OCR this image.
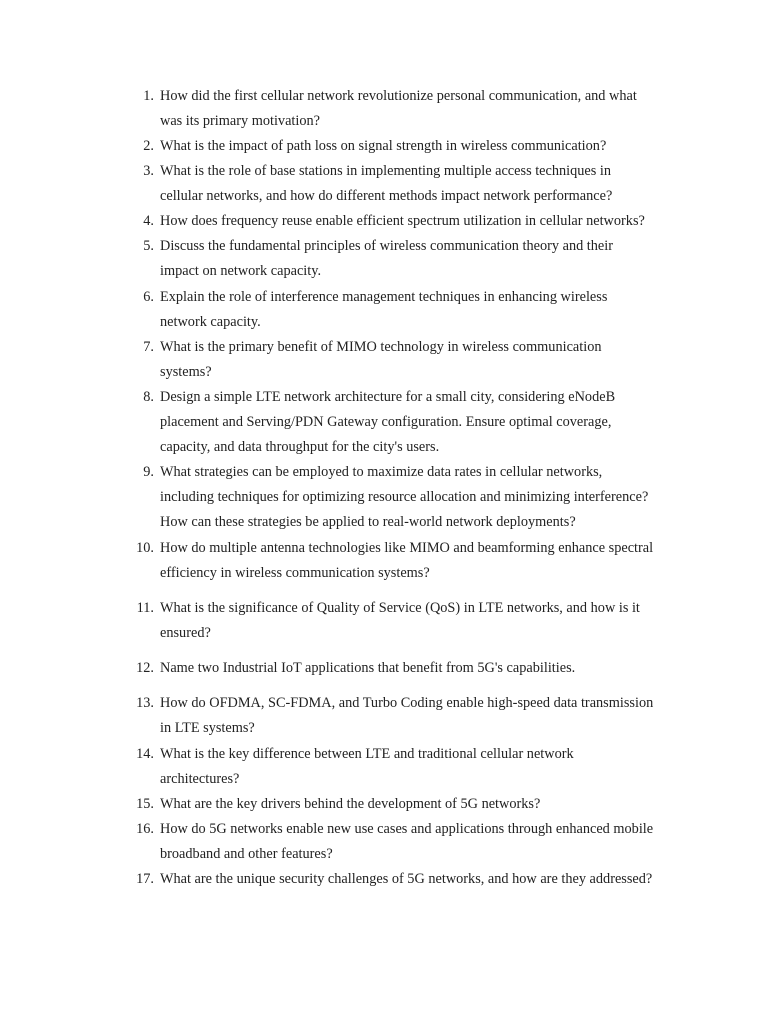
1. How did the first cellular network revolutionize personal communication, and what
was its primary motivation?
2. What is the impact of path loss on signal strength in wireless communication?
3. What is the role of base stations in implementing multiple access techniques in
cellular networks, and how do different methods impact network performance?
4. How does frequency reuse enable efficient spectrum utilization in cellular networks?
5. Discuss the fundamental principles of wireless communication theory and their
impact on network capacity.
6. Explain the role of interference management techniques in enhancing wireless
network capacity.
7. What is the primary benefit of MIMO technology in wireless communication
systems?
8. Design a simple LTE network architecture for a small city, considering eNodeB
placement and Serving/PDN Gateway configuration. Ensure optimal coverage,
capacity, and data throughput for the city's users.
9. What strategies can be employed to maximize data rates in cellular networks,
including techniques for optimizing resource allocation and minimizing interference?
How can these strategies be applied to real-world network deployments?
10. How do multiple antenna technologies like MIMO and beamforming enhance spectral
efficiency in wireless communication systems?
11. What is the significance of Quality of Service (QoS) in LTE networks, and how is it
ensured?
12. Name two Industrial IoT applications that benefit from 5G's capabilities.
13. How do OFDMA, SC-FDMA, and Turbo Coding enable high-speed data transmission
in LTE systems?
14. What is the key difference between LTE and traditional cellular network
architectures?
15. What are the key drivers behind the development of 5G networks?
16. How do 5G networks enable new use cases and applications through enhanced mobile
broadband and other features?
17. What are the unique security challenges of 5G networks, and how are they addressed?
